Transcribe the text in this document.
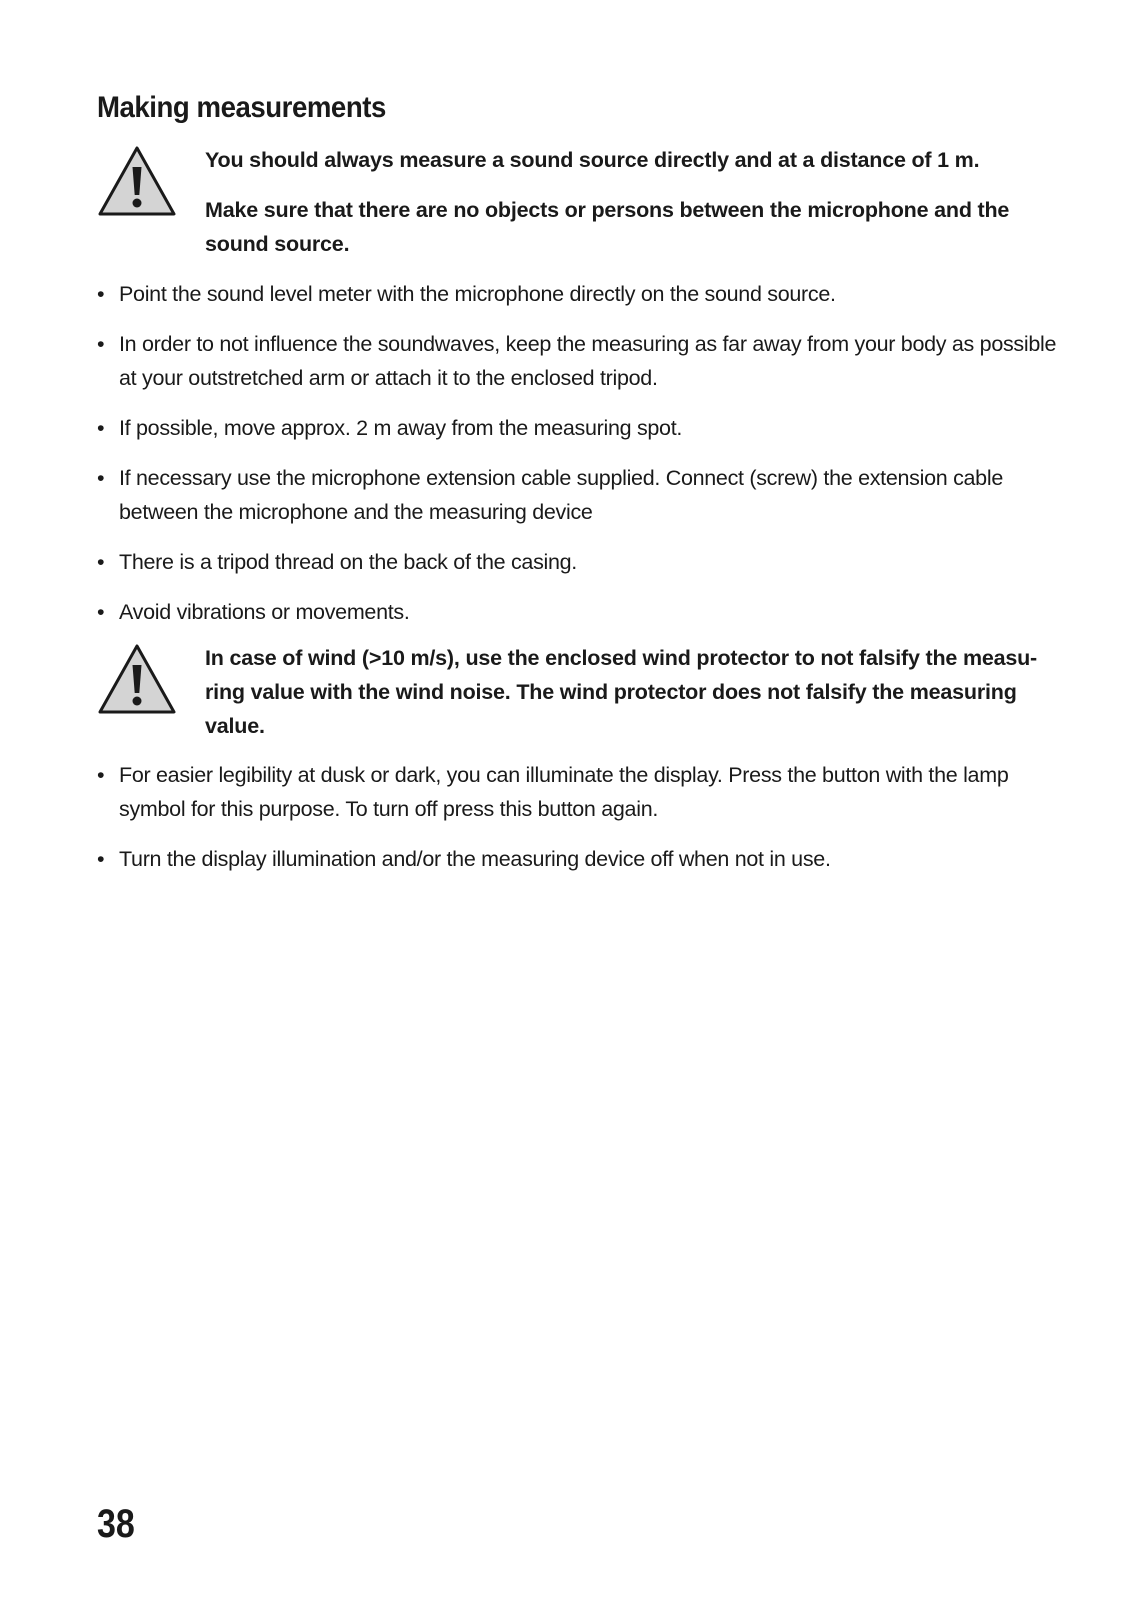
Making measurements

You should always measure a sound source directly and at a distance of 1 m.

Make sure that there are no objects or persons between the microphone and the sound source.

• Point the sound level meter with the microphone directly on the sound source.
• In order to not influence the soundwaves, keep the measuring as far away from your body as possible at your outstretched arm or attach it to the enclosed tripod.
• If possible, move approx. 2 m away from the measuring spot.
• If necessary use the microphone extension cable supplied. Connect (screw) the extension cable between the microphone and the measuring device
• There is a tripod thread on the back of the casing.
• Avoid vibrations or movements.

In case of wind (>10 m/s), use the enclosed wind protector to not falsify the measu-ring value with the wind noise. The wind protector does not falsify the measuring value.

• For easier legibility at dusk or dark, you can illuminate the display. Press the button with the lamp symbol for this purpose. To turn off press this button again.
• Turn the display illumination and/or the measuring device off when not in use.
38
